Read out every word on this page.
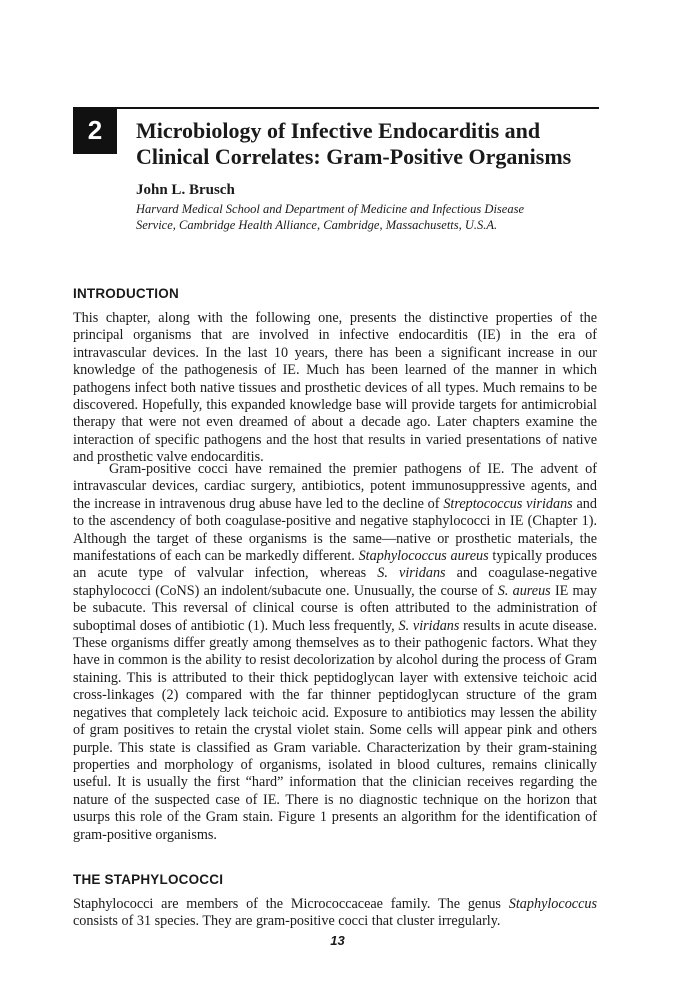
2 Microbiology of Infective Endocarditis and
Clinical Correlates: Gram-Positive Organisms

John L. Brusch

Harvard Medical School and Department of Medicine and Infectious Disease
Service, Cambridge Health Alliance, Cambridge, Massachusetts, U.S.A.

INTRODUCTION

This chapter, along with the following one, presents the distinctive properties of the principal organisms that are involved in infective endocarditis (IE) in the era of intravascular devices. In the last 10 years, there has been a significant increase in our knowledge of the pathogenesis of IE. Much has been learned of the manner in which pathogens infect both native tissues and prosthetic devices of all types. Much remains to be discovered. Hopefully, this expanded knowledge base will provide targets for antimicrobial therapy that were not even dreamed of about a decade ago. Later chapters examine the interaction of specific pathogens and the host that results in varied presentations of native and prosthetic valve endocarditis.

Gram-positive cocci have remained the premier pathogens of IE. The advent of intravascular devices, cardiac surgery, antibiotics, potent immunosuppressive agents, and the increase in intravenous drug abuse have led to the decline of Streptococcus viridans and to the ascendency of both coagulase-positive and negative staphylococci in IE (Chapter 1). Although the target of these organisms is the same—native or prosthetic materials, the manifestations of each can be markedly different. Staphylococcus aureus typically produces an acute type of valvular infection, whereas S. viridans and coagulase-negative staphylococci (CoNS) an indolent/subacute one. Unusually, the course of S. aureus IE may be subacute. This reversal of clinical course is often attributed to the administration of suboptimal doses of antibiotic (1). Much less frequently, S. viridans results in acute disease. These organisms differ greatly among themselves as to their pathogenic factors. What they have in common is the ability to resist decolorization by alcohol during the process of Gram staining. This is attributed to their thick peptidoglycan layer with extensive teichoic acid cross-linkages (2) compared with the far thinner peptidoglycan structure of the gram negatives that completely lack teichoic acid. Exposure to antibiotics may lessen the ability of gram positives to retain the crystal violet stain. Some cells will appear pink and others purple. This state is classified as Gram variable. Characterization by their gram-staining properties and morphology of organisms, isolated in blood cultures, remains clinically useful. It is usually the first “hard” information that the clinician receives regarding the nature of the suspected case of IE. There is no diagnostic technique on the horizon that usurps this role of the Gram stain. Figure 1 presents an algorithm for the identification of gram-positive organisms.

THE STAPHYLOCOCCI

Staphylococci are members of the Micrococcaceae family. The genus Staphylococcus consists of 31 species. They are gram-positive cocci that cluster irregularly.

13
